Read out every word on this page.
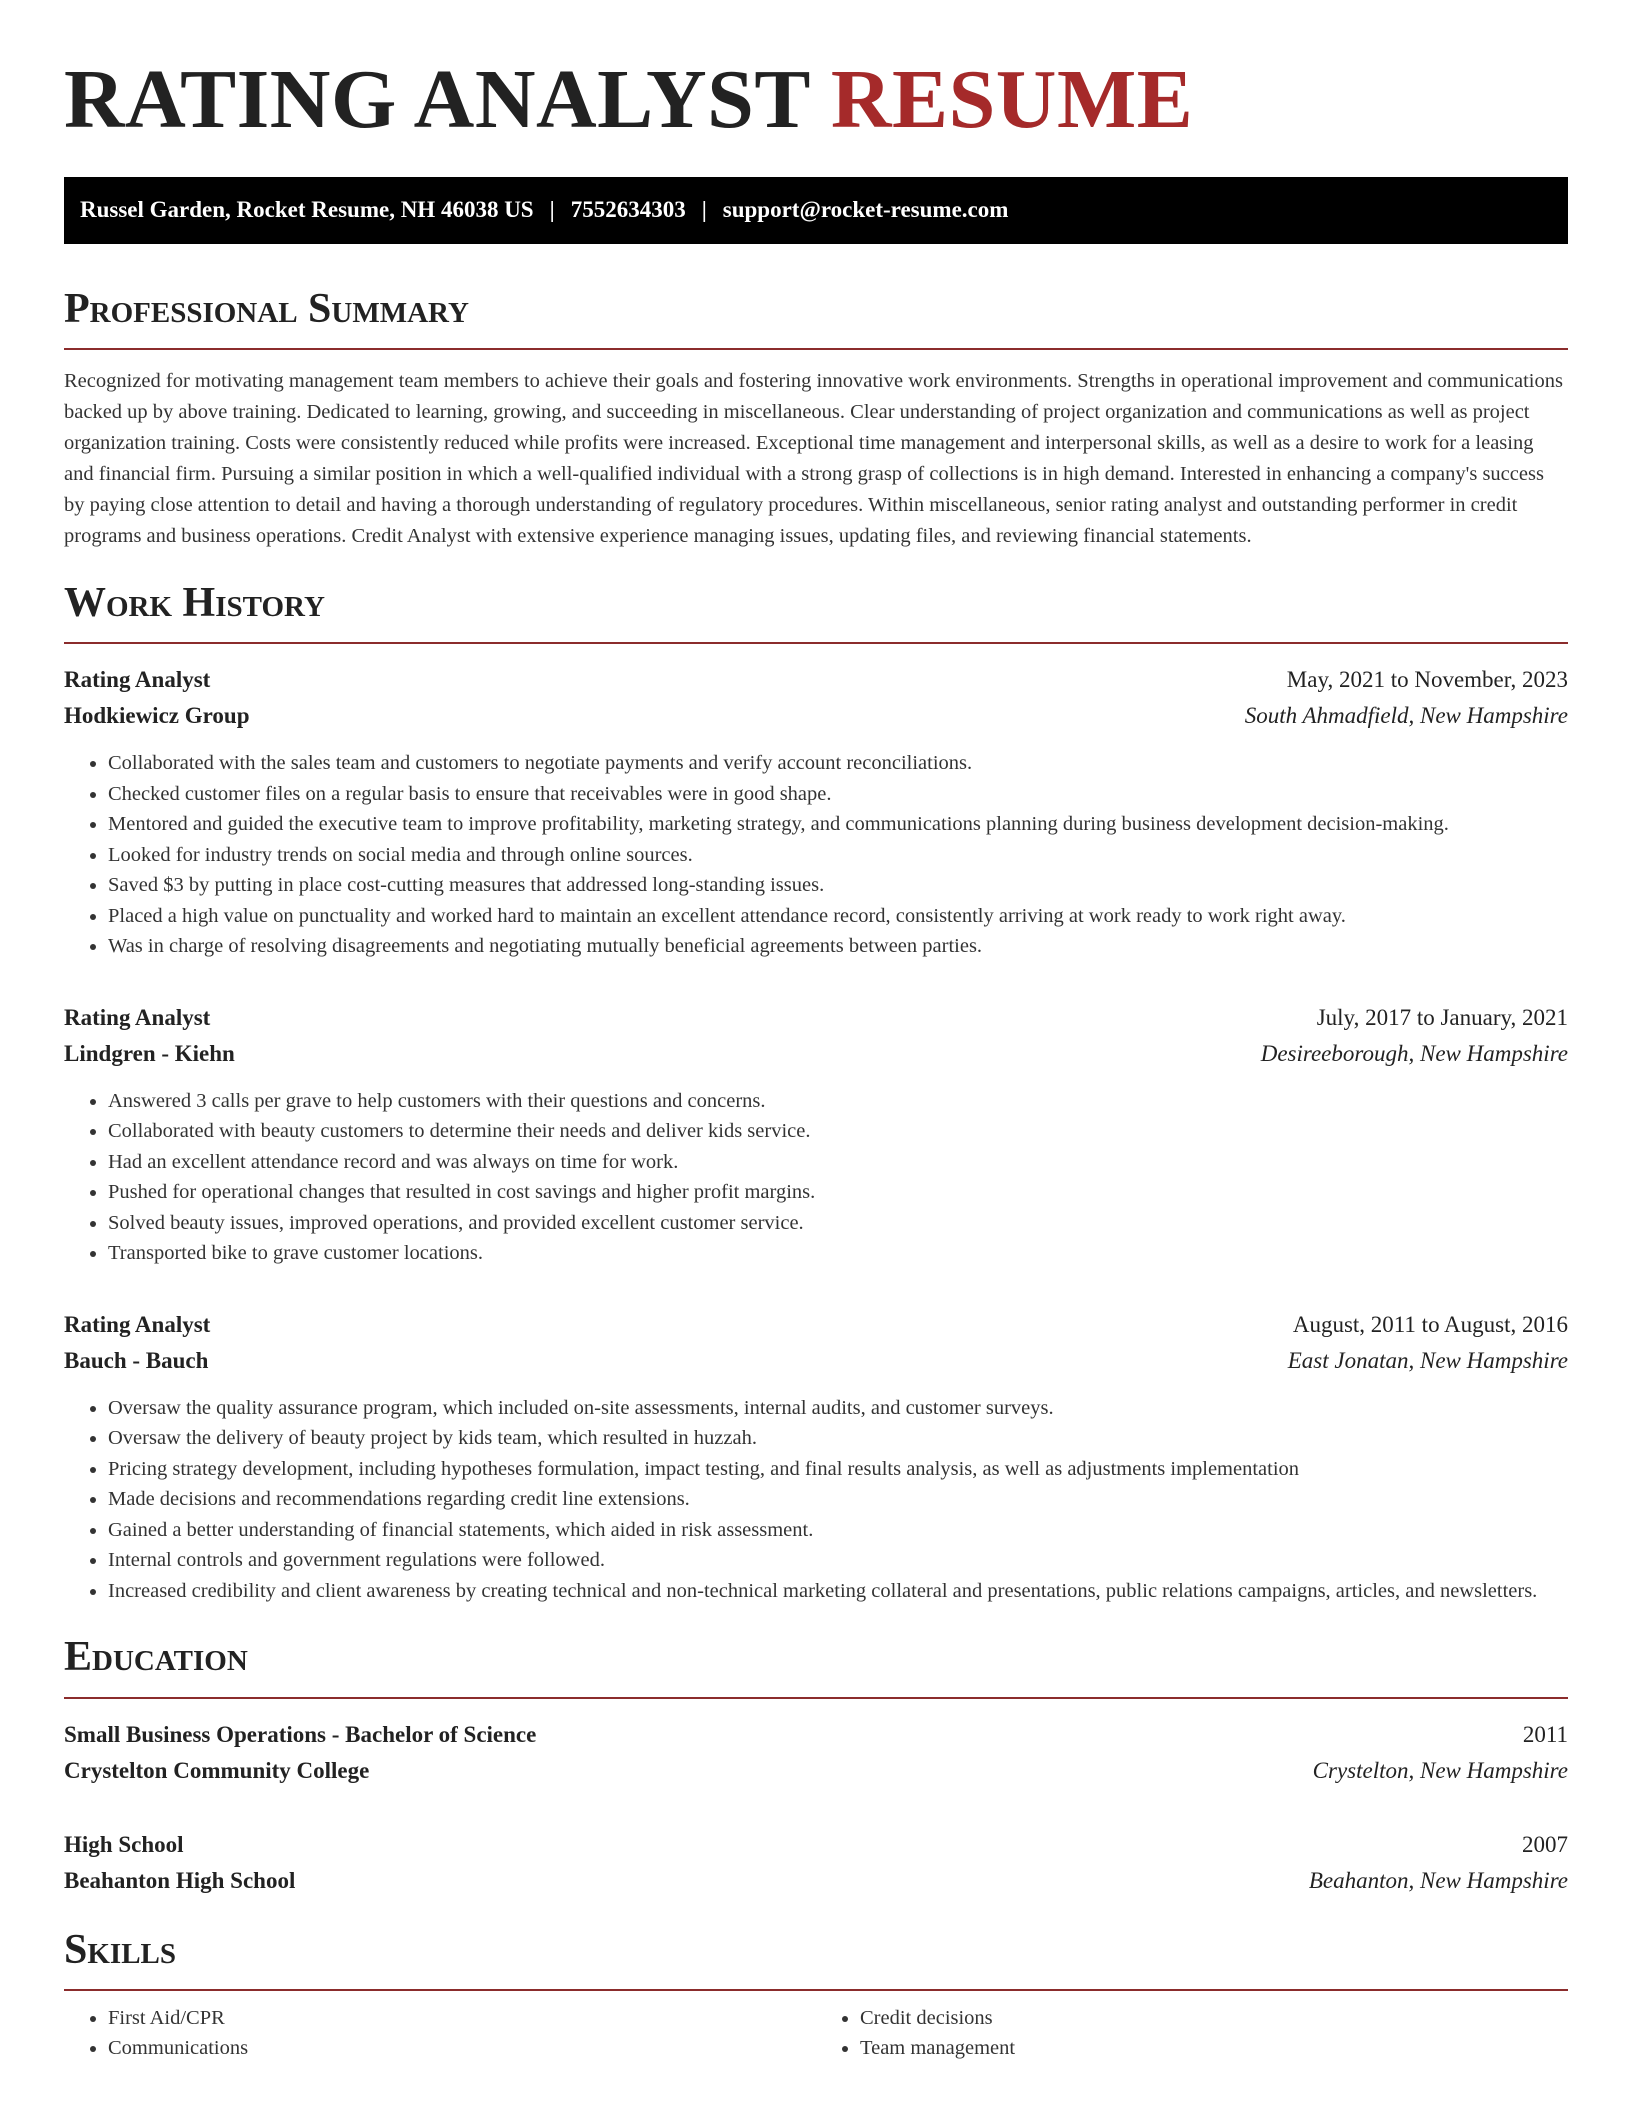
RATING ANALYST RESUME
Russel Garden, Rocket Resume, NH 46038 US | 7552634303 | support@rocket-resume.com
Professional Summary

Recognized for motivating management team members to achieve their goals and fostering innovative work environments. Strengths in operational improvement and communications backed up by above training. Dedicated to learning, growing, and succeeding in miscellaneous. Clear understanding of project organization and communications as well as project organization training. Costs were consistently reduced while profits were increased. Exceptional time management and interpersonal skills, as well as a desire to work for a leasing and financial firm. Pursuing a similar position in which a well-qualified individual with a strong grasp of collections is in high demand. Interested in enhancing a company's success by paying close attention to detail and having a thorough understanding of regulatory procedures. Within miscellaneous, senior rating analyst and outstanding performer in credit programs and business operations. Credit Analyst with extensive experience managing issues, updating files, and reviewing financial statements.

Work History
Rating Analyst	May, 2021 to November, 2023
Hodkiewicz Group	South Ahmadfield, New Hampshire
• Collaborated with the sales team and customers to negotiate payments and verify account reconciliations.
• Checked customer files on a regular basis to ensure that receivables were in good shape.
• Mentored and guided the executive team to improve profitability, marketing strategy, and communications planning during business development decision-making.
• Looked for industry trends on social media and through online sources.
• Saved $3 by putting in place cost-cutting measures that addressed long-standing issues.
• Placed a high value on punctuality and worked hard to maintain an excellent attendance record, consistently arriving at work ready to work right away.
• Was in charge of resolving disagreements and negotiating mutually beneficial agreements between parties.
Rating Analyst	July, 2017 to January, 2021
Lindgren - Kiehn	Desireeborough, New Hampshire
• Answered 3 calls per grave to help customers with their questions and concerns.
• Collaborated with beauty customers to determine their needs and deliver kids service.
• Had an excellent attendance record and was always on time for work.
• Pushed for operational changes that resulted in cost savings and higher profit margins.
• Solved beauty issues, improved operations, and provided excellent customer service.
• Transported bike to grave customer locations.
Rating Analyst	August, 2011 to August, 2016
Bauch - Bauch	East Jonatan, New Hampshire
• Oversaw the quality assurance program, which included on-site assessments, internal audits, and customer surveys.
• Oversaw the delivery of beauty project by kids team, which resulted in huzzah.
• Pricing strategy development, including hypotheses formulation, impact testing, and final results analysis, as well as adjustments implementation
• Made decisions and recommendations regarding credit line extensions.
• Gained a better understanding of financial statements, which aided in risk assessment.
• Internal controls and government regulations were followed.
• Increased credibility and client awareness by creating technical and non-technical marketing collateral and presentations, public relations campaigns, articles, and newsletters.
Education
Small Business Operations - Bachelor of Science	2011
Crystelton Community College	Crystelton, New Hampshire
High School	2007
Beahanton High School	Beahanton, New Hampshire
Skills
• First Aid/CPR
• Communications
• Credit decisions
• Team management
